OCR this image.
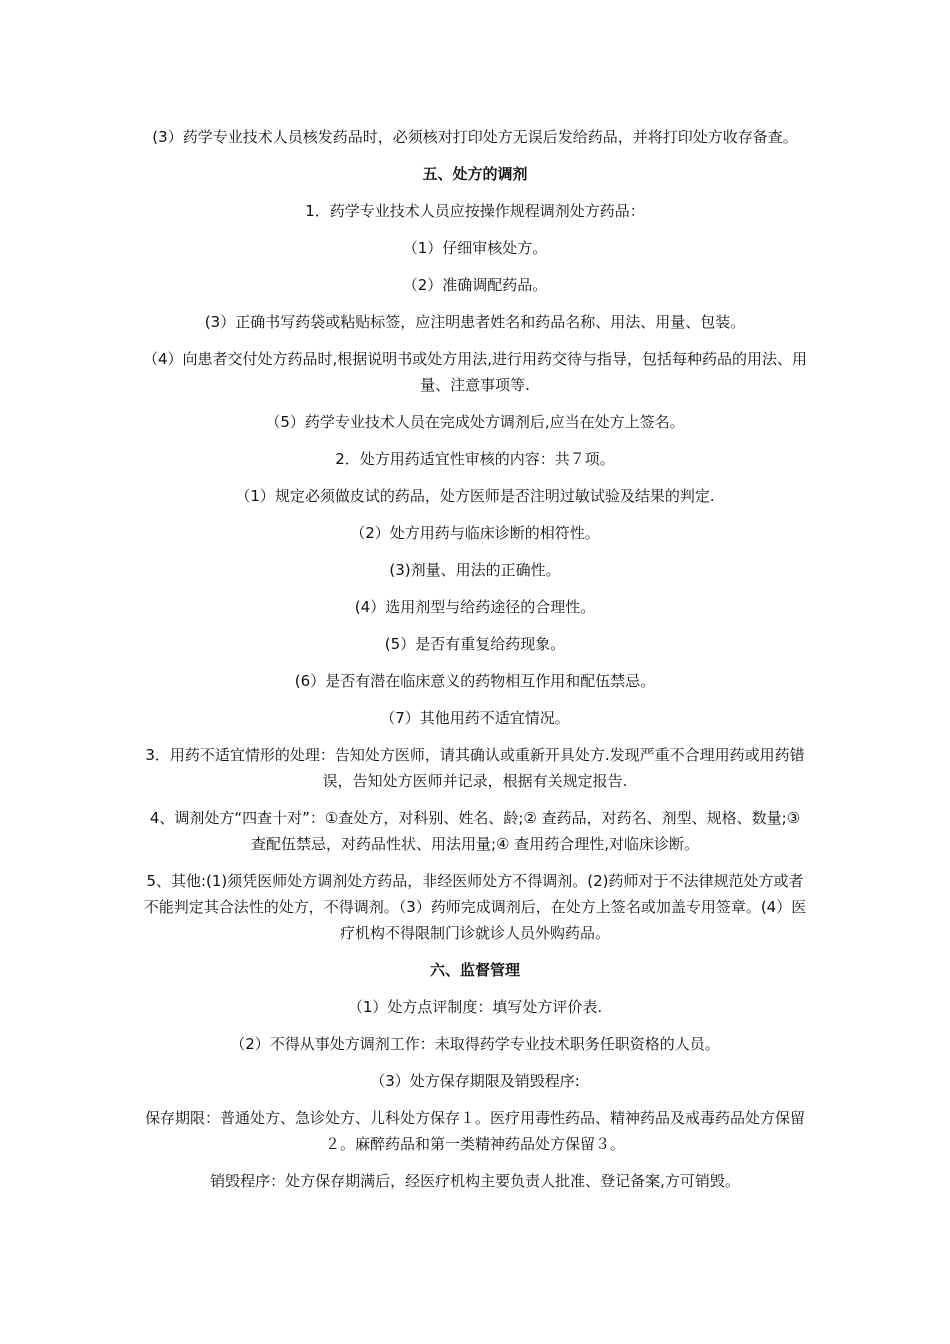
(3）药学专业技术人员核发药品时，必须核对打印处方无误后发给药品，并将打印处方收存备查。

五、处方的调剂

1．药学专业技术人员应按操作规程调剂处方药品：

（1）仔细审核处方。

（2）准确调配药品。

(3）正确书写药袋或粘贴标签，应注明患者姓名和药品名称、用法、用量、包装。

（4）向患者交付处方药品时,根据说明书或处方用法,进行用药交待与指导，包括每种药品的用法、用量、注意事项等.

（5）药学专业技术人员在完成处方调剂后,应当在处方上签名。

2．处方用药适宜性审核的内容：共７项。

（1）规定必须做皮试的药品，处方医师是否注明过敏试验及结果的判定.

（2）处方用药与临床诊断的相符性。

(3)剂量、用法的正确性。

(4）选用剂型与给药途径的合理性。

(5）是否有重复给药现象。

(6）是否有潜在临床意义的药物相互作用和配伍禁忌。

（7）其他用药不适宜情况。

3．用药不适宜情形的处理：告知处方医师，请其确认或重新开具处方.发现严重不合理用药或用药错误，告知处方医师并记录，根据有关规定报告.

4、调剂处方“四查十对”：①查处方，对科别、姓名、龄;② 查药品，对药名、剂型、规格、数量;③ 查配伍禁忌，对药品性状、用法用量;④ 查用药合理性,对临床诊断。

5、其他:(1)须凭医师处方调剂处方药品，非经医师处方不得调剂。(2)药师对于不法律规范处方或者不能判定其合法性的处方，不得调剂。（3）药师完成调剂后，在处方上签名或加盖专用签章。(4）医疗机构不得限制门诊就诊人员外购药品。

六、监督管理

（1）处方点评制度：填写处方评价表.

（2）不得从事处方调剂工作：未取得药学专业技术职务任职资格的人员。

（3）处方保存期限及销毁程序:

保存期限：普通处方、急诊处方、儿科处方保存１。医疗用毒性药品、精神药品及戒毒药品处方保留２。麻醉药品和第一类精神药品处方保留３。

销毁程序：处方保存期满后，经医疗机构主要负责人批准、登记备案,方可销毁。
